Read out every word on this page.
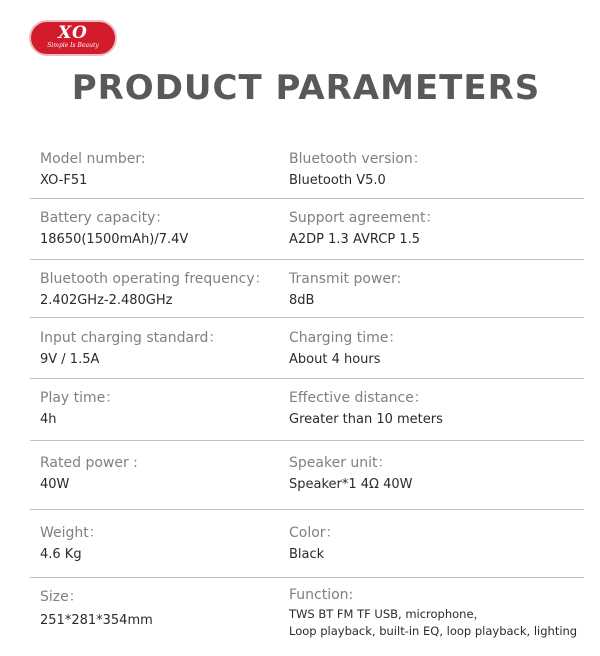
XO
Simple Is Beauty
PRODUCT PARAMETERS
Model number:
XO-F51
Bluetooth version：
Bluetooth V5.0
Battery capacity：
18650(1500mAh)/7.4V
Support agreement：
A2DP 1.3 AVRCP 1.5
Bluetooth operating frequency：
2.402GHz-2.480GHz
Transmit power:
8dB
Input charging standard：
9V / 1.5A
Charging time：
About 4 hours
Play time：
4h
Effective distance：
Greater than 10 meters
Rated power :
40W
Speaker unit：
Speaker*1 4Ω 40W
Weight：
4.6 Kg
Color：
Black
Size：
251*281*354mm
Function:
TWS BT FM TF USB, microphone，
Loop playback, built-in EQ, loop playback, lighting
